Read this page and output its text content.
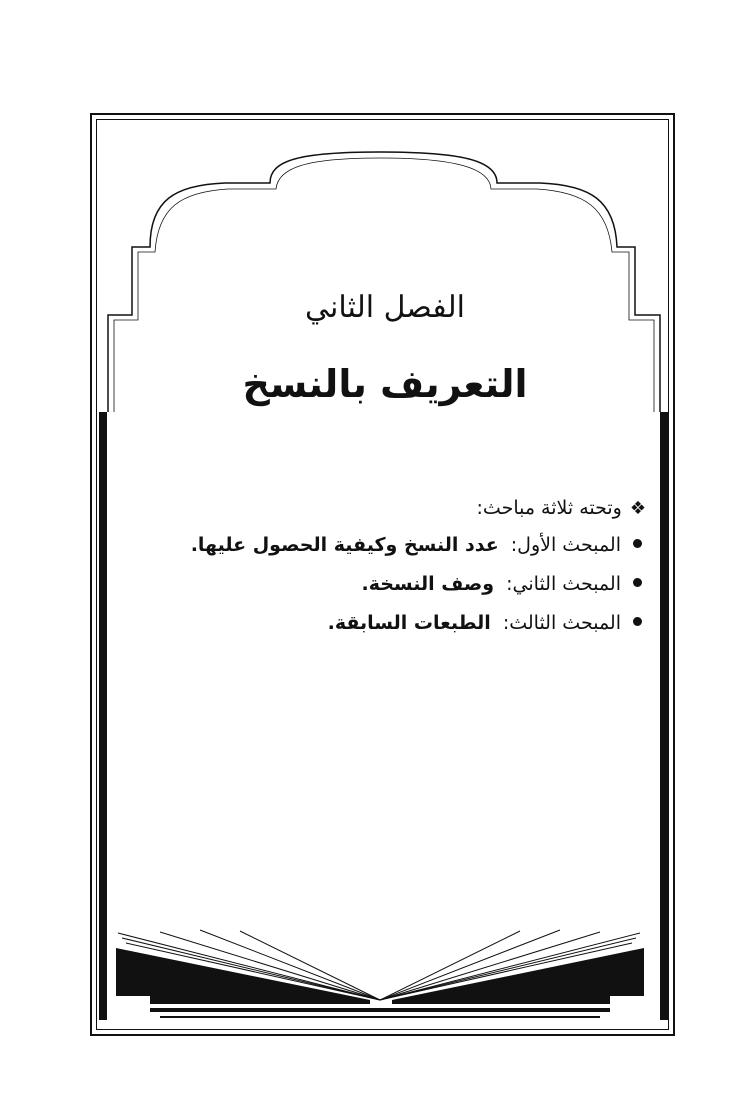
الفصل الثاني
التعريف بالنسخ
❖وتحته ثلاثة مباحث:
المبحث الأول: عدد النسخ وكيفية الحصول عليها.
المبحث الثاني: وصف النسخة.
المبحث الثالث: الطبعات السابقة.
